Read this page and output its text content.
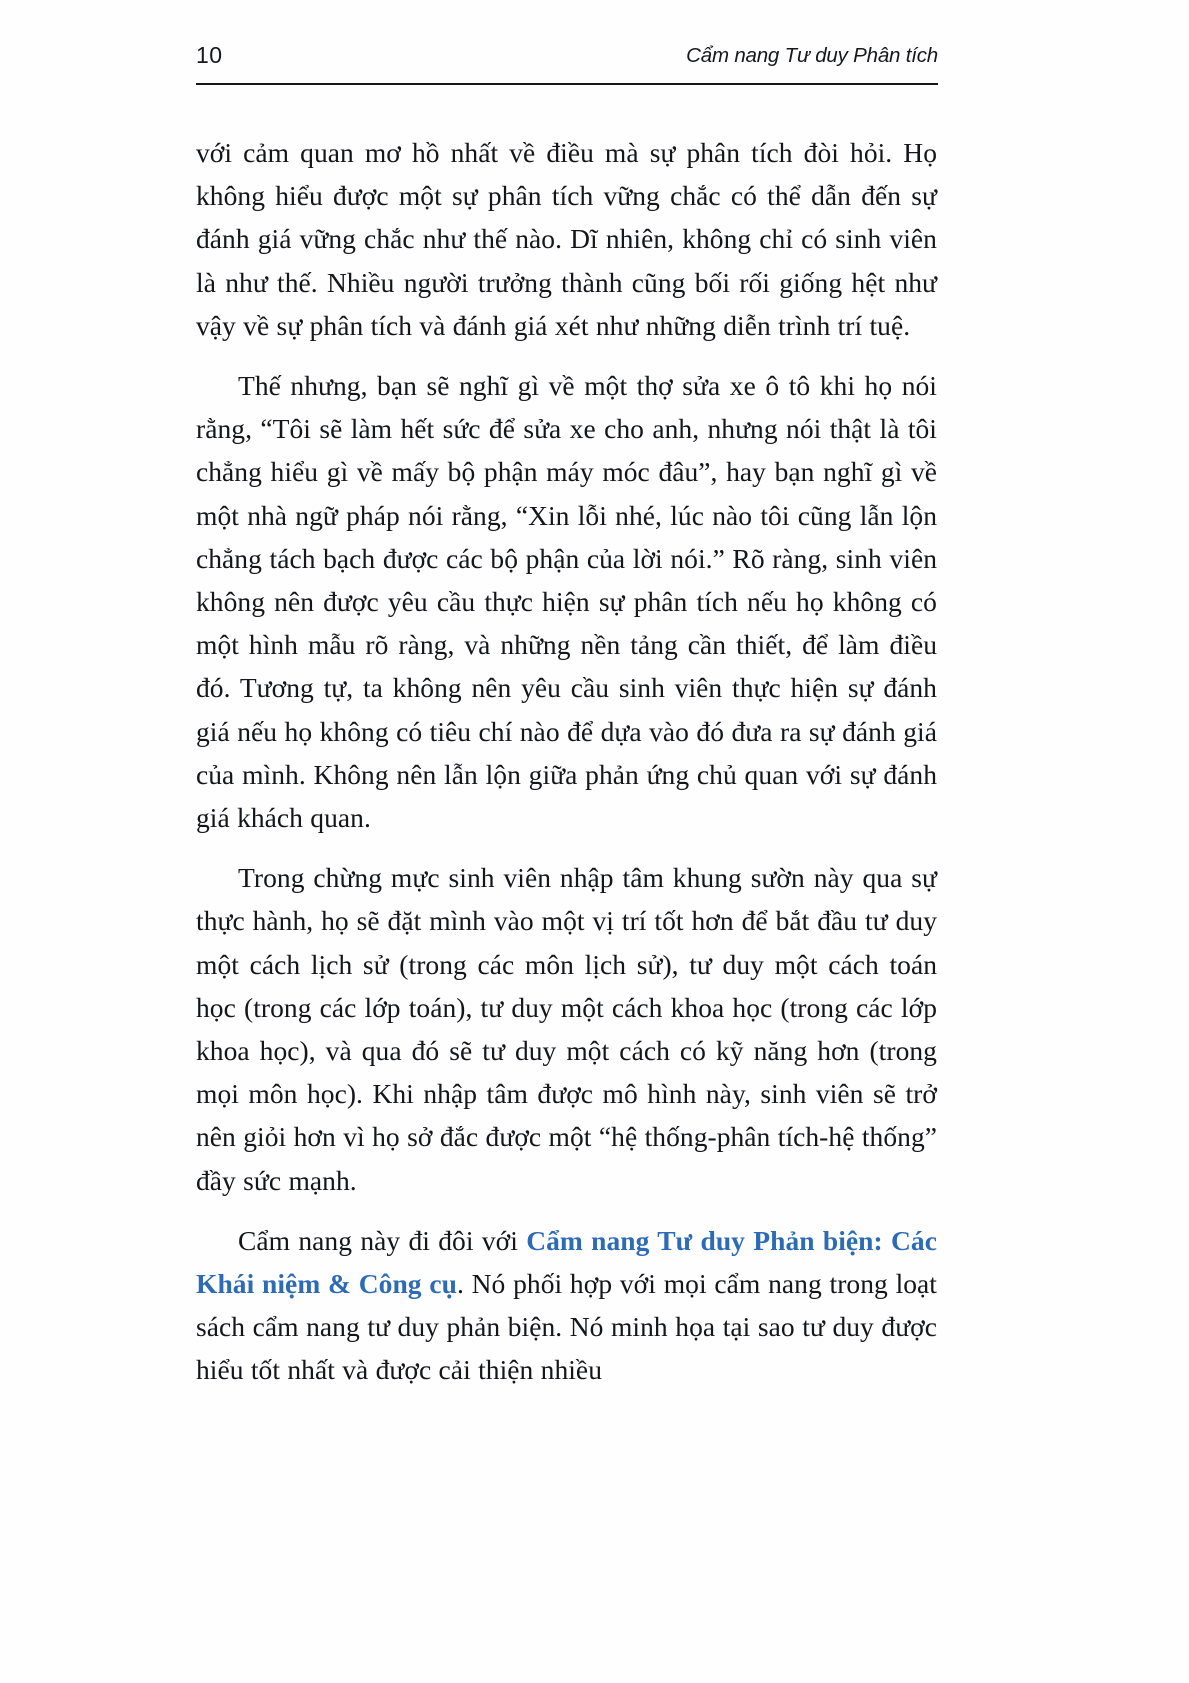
10	Cẩm nang Tư duy Phân tích

với cảm quan mơ hồ nhất về điều mà sự phân tích đòi hỏi. Họ không hiểu được một sự phân tích vững chắc có thể dẫn đến sự đánh giá vững chắc như thế nào. Dĩ nhiên, không chỉ có sinh viên là như thế. Nhiều người trưởng thành cũng bối rối giống hệt như vậy về sự phân tích và đánh giá xét như những diễn trình trí tuệ.

Thế nhưng, bạn sẽ nghĩ gì về một thợ sửa xe ô tô khi họ nói rằng, “Tôi sẽ làm hết sức để sửa xe cho anh, nhưng nói thật là tôi chẳng hiểu gì về mấy bộ phận máy móc đâu”, hay bạn nghĩ gì về một nhà ngữ pháp nói rằng, “Xin lỗi nhé, lúc nào tôi cũng lẫn lộn chẳng tách bạch được các bộ phận của lời nói.” Rõ ràng, sinh viên không nên được yêu cầu thực hiện sự phân tích nếu họ không có một hình mẫu rõ ràng, và những nền tảng cần thiết, để làm điều đó. Tương tự, ta không nên yêu cầu sinh viên thực hiện sự đánh giá nếu họ không có tiêu chí nào để dựa vào đó đưa ra sự đánh giá của mình. Không nên lẫn lộn giữa phản ứng chủ quan với sự đánh giá khách quan.

Trong chừng mực sinh viên nhập tâm khung sườn này qua sự thực hành, họ sẽ đặt mình vào một vị trí tốt hơn để bắt đầu tư duy một cách lịch sử (trong các môn lịch sử), tư duy một cách toán học (trong các lớp toán), tư duy một cách khoa học (trong các lớp khoa học), và qua đó sẽ tư duy một cách có kỹ năng hơn (trong mọi môn học). Khi nhập tâm được mô hình này, sinh viên sẽ trở nên giỏi hơn vì họ sở đắc được một “hệ thống-phân tích-hệ thống” đầy sức mạnh.

Cẩm nang này đi đôi với Cẩm nang Tư duy Phản biện: Các Khái niệm & Công cụ. Nó phối hợp với mọi cẩm nang trong loạt sách cẩm nang tư duy phản biện. Nó minh họa tại sao tư duy được hiểu tốt nhất và được cải thiện nhiều
